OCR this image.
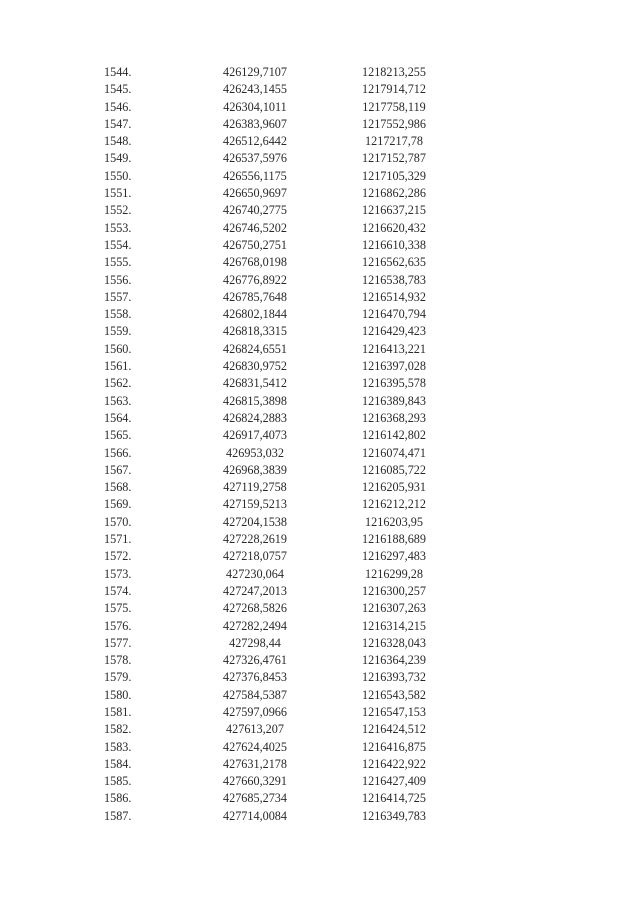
1544.	426129,7107	1218213,255
1545.	426243,1455	1217914,712
1546.	426304,1011	1217758,119
1547.	426383,9607	1217552,986
1548.	426512,6442	1217217,78
1549.	426537,5976	1217152,787
1550.	426556,1175	1217105,329
1551.	426650,9697	1216862,286
1552.	426740,2775	1216637,215
1553.	426746,5202	1216620,432
1554.	426750,2751	1216610,338
1555.	426768,0198	1216562,635
1556.	426776,8922	1216538,783
1557.	426785,7648	1216514,932
1558.	426802,1844	1216470,794
1559.	426818,3315	1216429,423
1560.	426824,6551	1216413,221
1561.	426830,9752	1216397,028
1562.	426831,5412	1216395,578
1563.	426815,3898	1216389,843
1564.	426824,2883	1216368,293
1565.	426917,4073	1216142,802
1566.	426953,032	1216074,471
1567.	426968,3839	1216085,722
1568.	427119,2758	1216205,931
1569.	427159,5213	1216212,212
1570.	427204,1538	1216203,95
1571.	427228,2619	1216188,689
1572.	427218,0757	1216297,483
1573.	427230,064	1216299,28
1574.	427247,2013	1216300,257
1575.	427268,5826	1216307,263
1576.	427282,2494	1216314,215
1577.	427298,44	1216328,043
1578.	427326,4761	1216364,239
1579.	427376,8453	1216393,732
1580.	427584,5387	1216543,582
1581.	427597,0966	1216547,153
1582.	427613,207	1216424,512
1583.	427624,4025	1216416,875
1584.	427631,2178	1216422,922
1585.	427660,3291	1216427,409
1586.	427685,2734	1216414,725
1587.	427714,0084	1216349,783
